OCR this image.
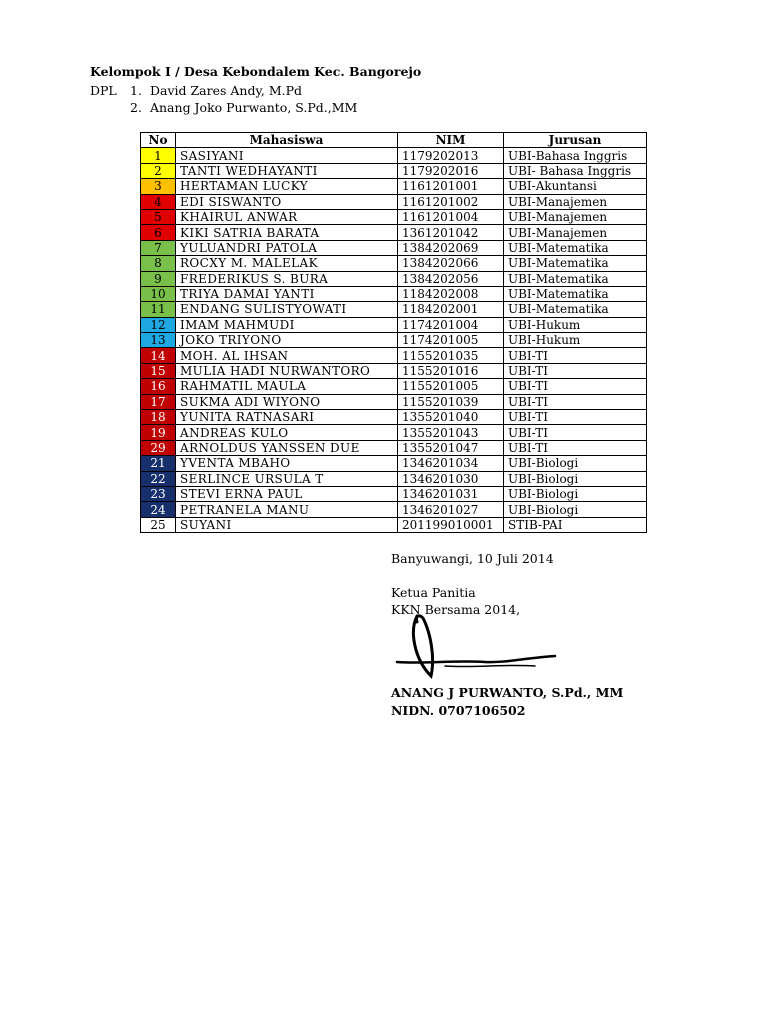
Kelompok I / Desa Kebondalem Kec. Bangorejo
DPL 1. David Zares Andy, M.Pd
2. Anang Joko Purwanto, S.Pd.,MM
No	Mahasiswa	NIM	Jurusan
1	SASIYANI	1179202013	UBI-Bahasa Inggris
2	TANTI WEDHAYANTI	1179202016	UBI- Bahasa Inggris
3	HERTAMAN LUCKY	1161201001	UBI-Akuntansi
4	EDI SISWANTO	1161201002	UBI-Manajemen
5	KHAIRUL ANWAR	1161201004	UBI-Manajemen
6	KIKI SATRIA BARATA	1361201042	UBI-Manajemen
7	YULUANDRI PATOLA	1384202069	UBI-Matematika
8	ROCXY M. MALELAK	1384202066	UBI-Matematika
9	FREDERIKUS S. BURA	1384202056	UBI-Matematika
10	TRIYA DAMAI YANTI	1184202008	UBI-Matematika
11	ENDANG SULISTYOWATI	1184202001	UBI-Matematika
12	IMAM MAHMUDI	1174201004	UBI-Hukum
13	JOKO TRIYONO	1174201005	UBI-Hukum
14	MOH. AL IHSAN	1155201035	UBI-TI
15	MULIA HADI NURWANTORO	1155201016	UBI-TI
16	RAHMATIL MAULA	1155201005	UBI-TI
17	SUKMA ADI WIYONO	1155201039	UBI-TI
18	YUNITA RATNASARI	1355201040	UBI-TI
19	ANDREAS KULO	1355201043	UBI-TI
29	ARNOLDUS YANSSEN DUE	1355201047	UBI-TI
21	YVENTA MBAHO	1346201034	UBI-Biologi
22	SERLINCE URSULA T	1346201030	UBI-Biologi
23	STEVI ERNA PAUL	1346201031	UBI-Biologi
24	PETRANELA MANU	1346201027	UBI-Biologi
25	SUYANI	201199010001	STIB-PAI
Banyuwangi, 10 Juli 2014
Ketua Panitia
KKN Bersama 2014,
ANANG J PURWANTO, S.Pd., MM
NIDN. 0707106502
